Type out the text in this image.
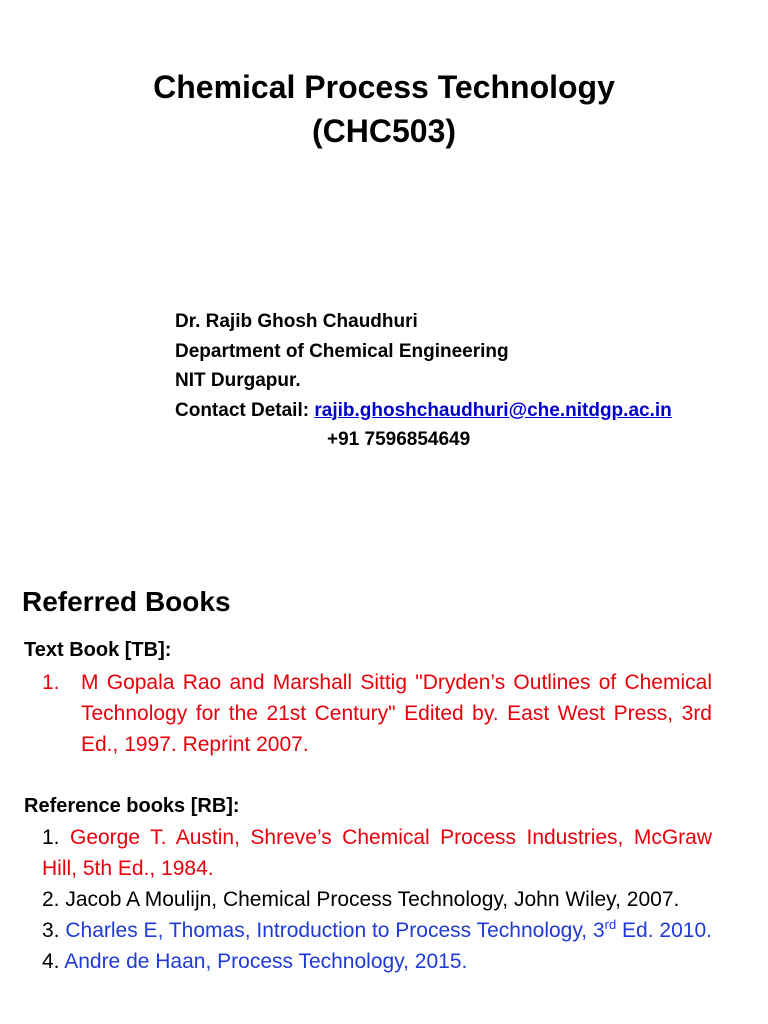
Chemical Process Technology
(CHC503)
Dr. Rajib Ghosh Chaudhuri
Department of Chemical Engineering
NIT Durgapur.
Contact Detail: rajib.ghoshchaudhuri@che.nitdgp.ac.in
+91 7596854649
Referred Books
Text Book [TB]:
1. M Gopala Rao and Marshall Sittig "Dryden’s Outlines of Chemical Technology for the 21st Century" Edited by. East West Press, 3rd Ed., 1997. Reprint 2007.
Reference books [RB]:
1. George T. Austin, Shreve’s Chemical Process Industries, McGraw Hill, 5th Ed., 1984.
2. Jacob A Moulijn, Chemical Process Technology, John Wiley, 2007.
3. Charles E, Thomas, Introduction to Process Technology, 3rd Ed. 2010.
4. Andre de Haan, Process Technology, 2015.
